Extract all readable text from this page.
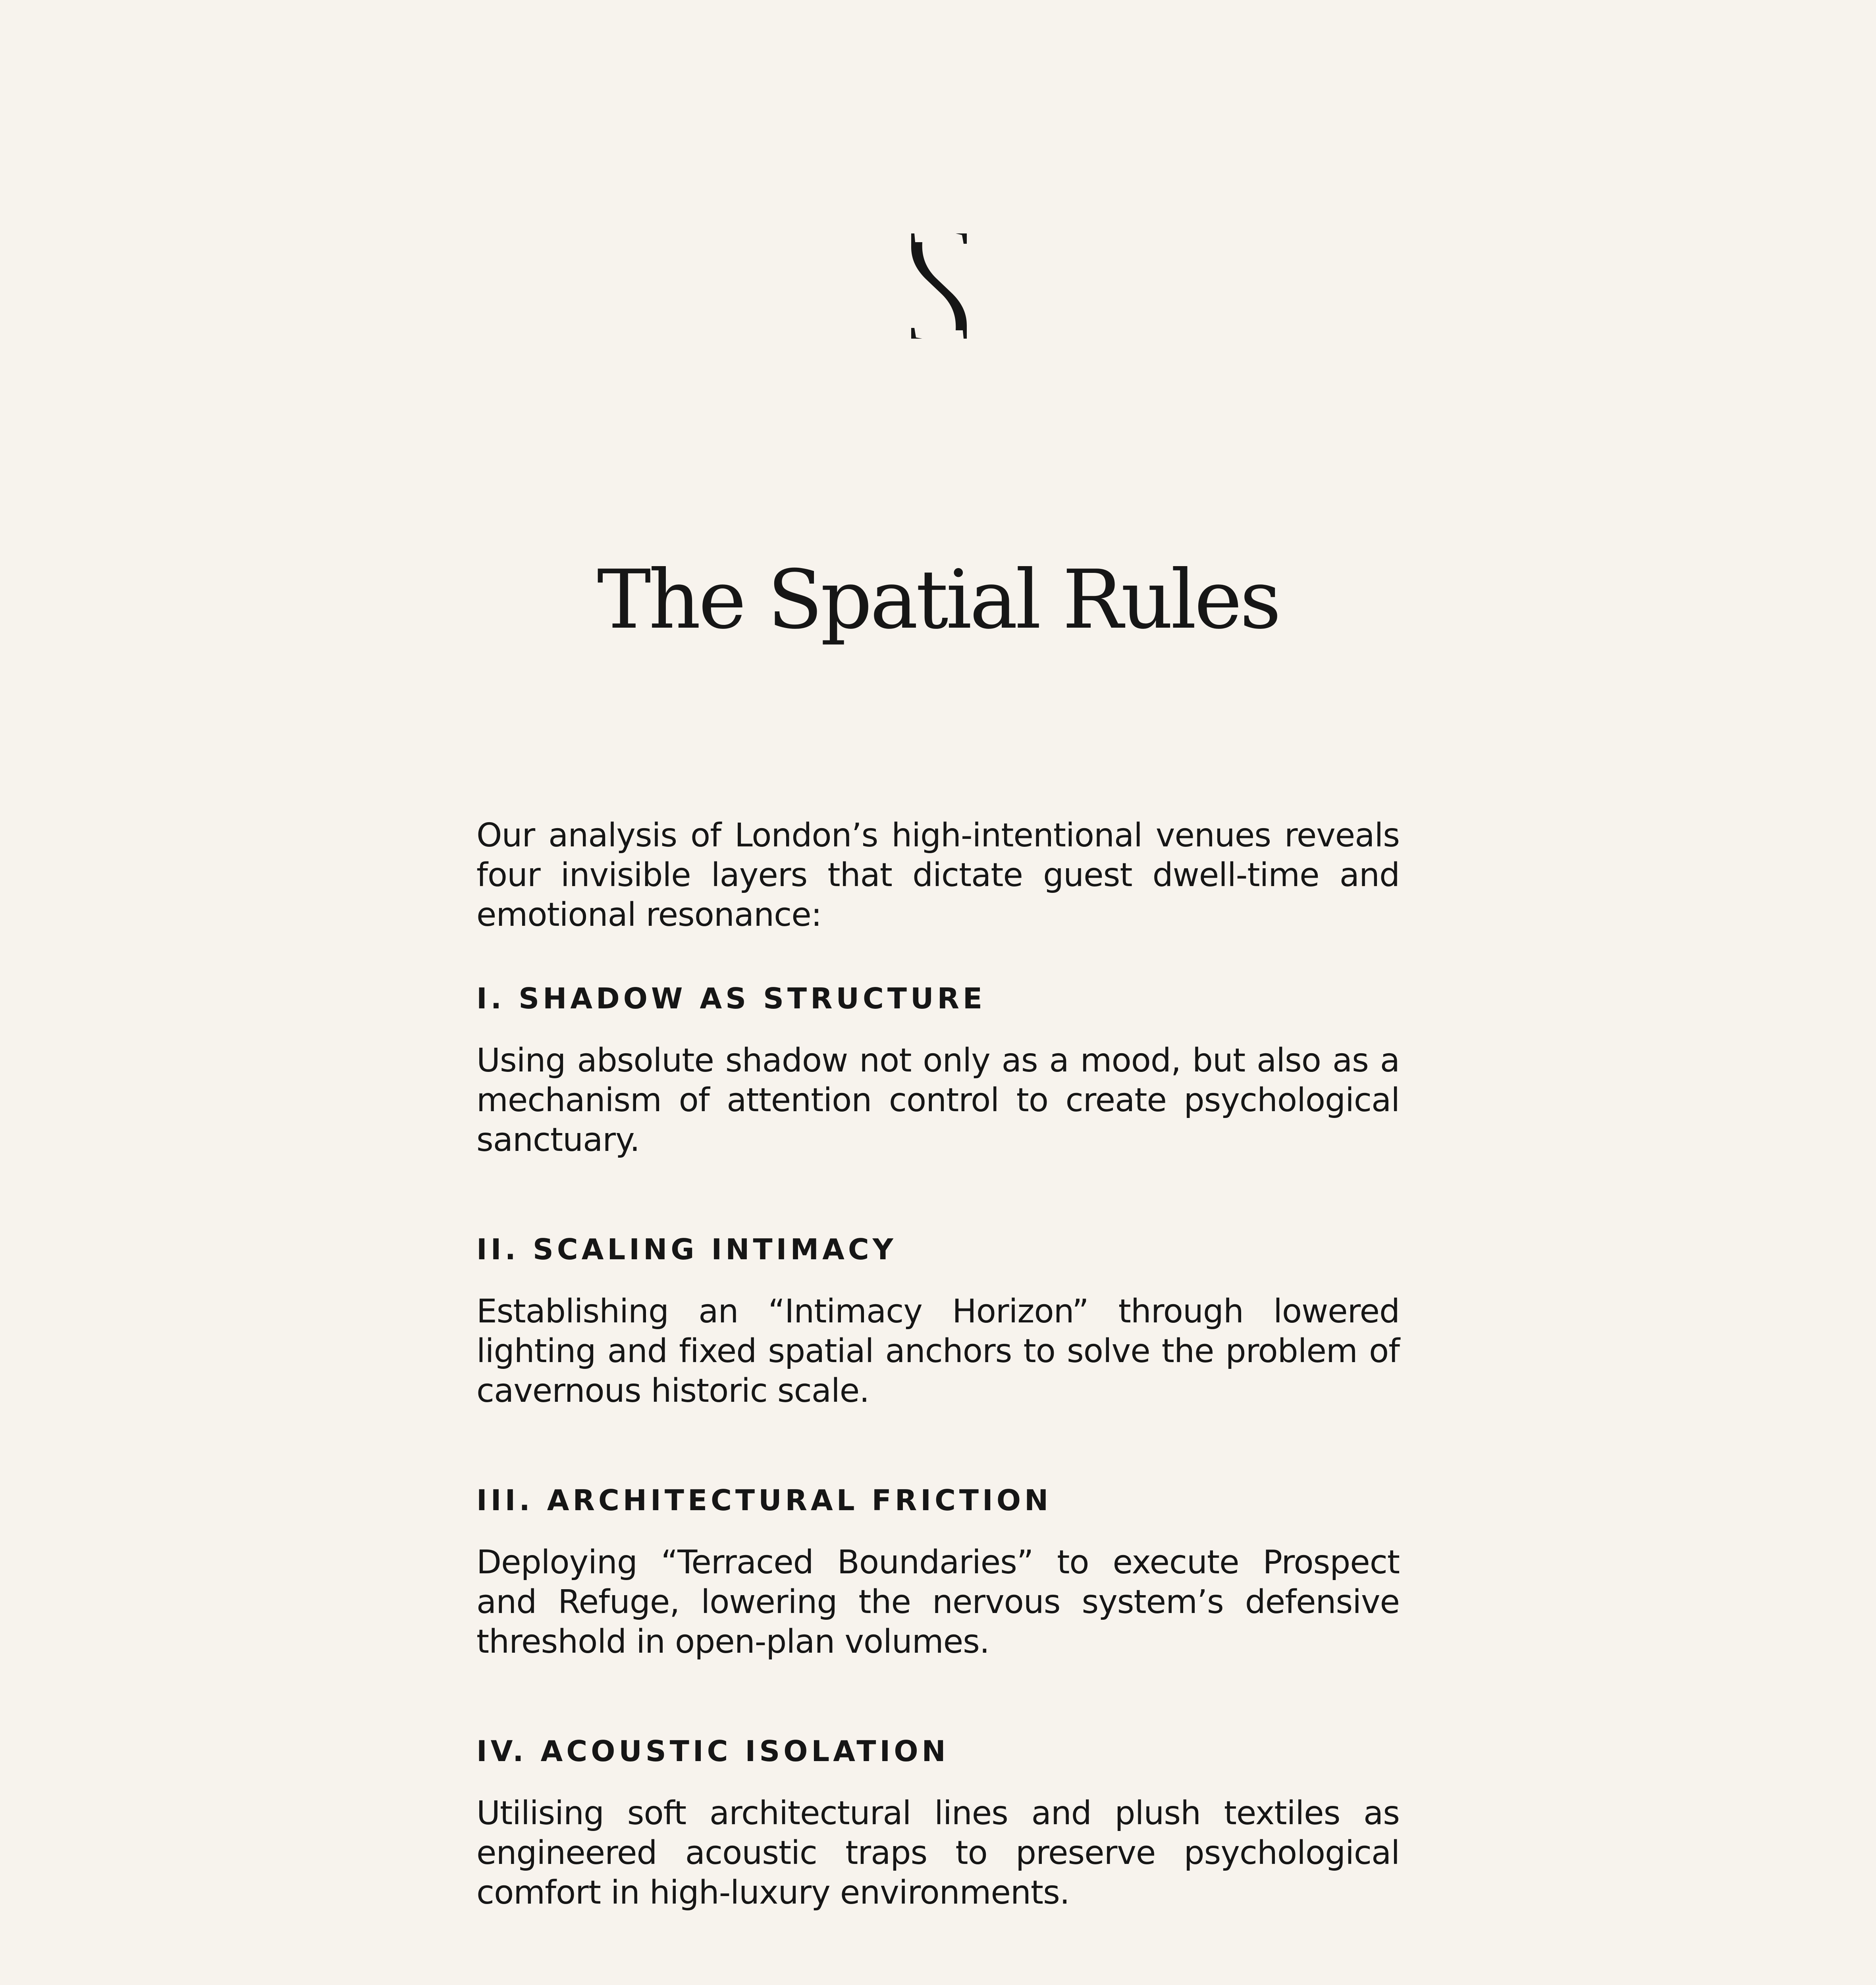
The Spatial Rules

Our analysis of London’s high-intentional venues reveals four invisible layers that dictate guest dwell-time and emotional resonance:

I. SHADOW AS STRUCTURE

Using absolute shadow not only as a mood, but also as a mechanism of attention control to create psychological sanctuary.

II. SCALING INTIMACY

Establishing an “Intimacy Horizon” through lowered lighting and fixed spatial anchors to solve the problem of cavernous historic scale.

III. ARCHITECTURAL FRICTION

Deploying “Terraced Boundaries” to execute Prospect and Refuge, lowering the nervous system’s defensive threshold in open-plan volumes.

IV. ACOUSTIC ISOLATION

Utilising soft architectural lines and plush textiles as engineered acoustic traps to preserve psychological comfort in high-luxury environments.
